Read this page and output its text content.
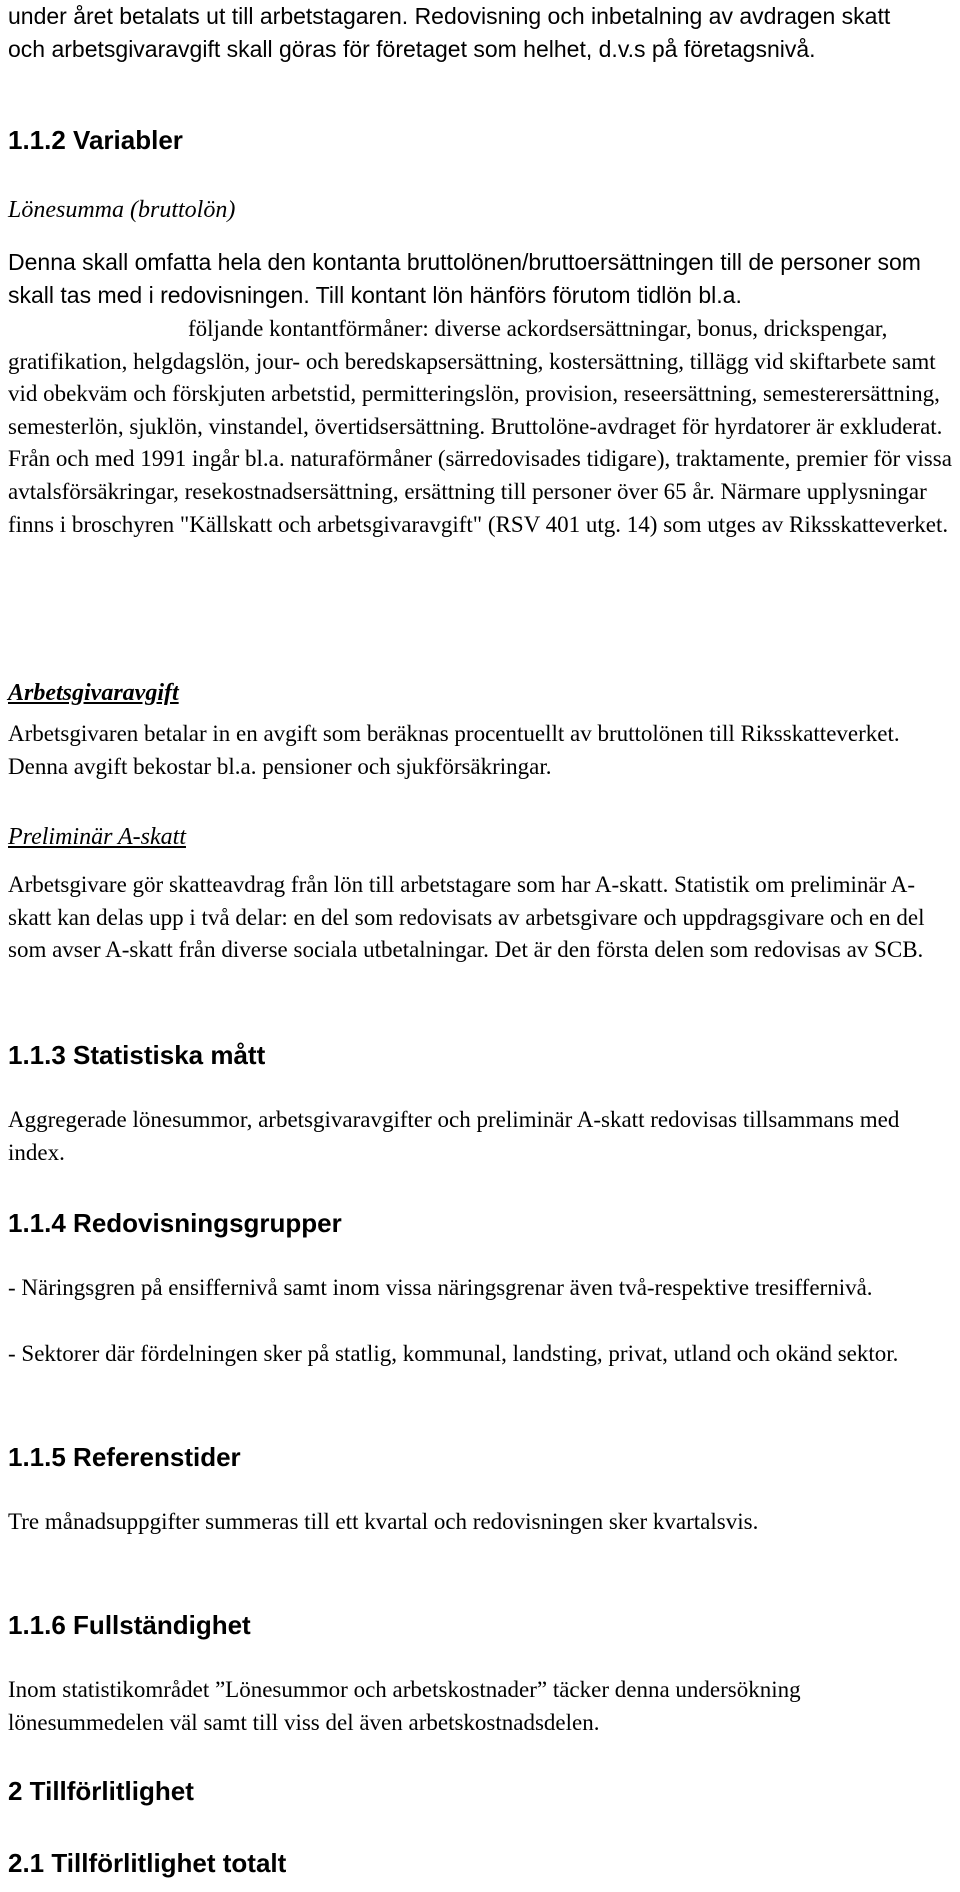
under året betalats ut till arbetstagaren. Redovisning och inbetalning av avdragen skatt och arbetsgivaravgift skall göras för företaget som helhet, d.v.s på företagsnivå.

1.1.2 Variabler
Lönesumma (bruttolön)

Denna skall omfatta hela den kontanta bruttolönen/bruttoersättningen till de personer som skall tas med i redovisningen. Till kontant lön hänförs förutom tidlön bl.a.

följande kontantförmåner: diverse ackordsersättningar, bonus, drickspengar, gratifikation, helgdagslön, jour- och beredskapsersättning, kostersättning, tillägg vid skiftarbete samt vid obekväm och förskjuten arbetstid, permitteringslön, provision, reseersättning, semesterersättning, semesterlön, sjuklön, vinstandel, övertidsersättning. Bruttolöne-avdraget för hyrdatorer är exkluderat. Från och med 1991 ingår bl.a. naturaförmåner (särredovisades tidigare), traktamente, premier för vissa avtalsförsäkringar, resekostnadsersättning, ersättning till personer över 65 år. Närmare upplysningar finns i broschyren "Källskatt och arbetsgivaravgift" (RSV 401 utg. 14) som utges av Riksskatteverket.

Arbetsgivaravgift

Arbetsgivaren betalar in en avgift som beräknas procentuellt av bruttolönen till Riksskatteverket. Denna avgift bekostar bl.a. pensioner och sjukförsäkringar.

Preliminär A-skatt

Arbetsgivare gör skatteavdrag från lön till arbetstagare som har A-skatt. Statistik om preliminär A-skatt kan delas upp i två delar: en del som redovisats av arbetsgivare och uppdragsgivare och en del som avser A-skatt från diverse sociala utbetalningar. Det är den första delen som redovisas av SCB.

1.1.3 Statistiska mått

Aggregerade lönesummor, arbetsgivaravgifter och preliminär A-skatt redovisas tillsammans med index.

1.1.4 Redovisningsgrupper

- Näringsgren på ensiffernivå samt inom vissa näringsgrenar även två-respektive tresiffernivå.

- Sektorer där fördelningen sker på statlig, kommunal, landsting, privat, utland och okänd sektor.

1.1.5 Referenstider

Tre månadsuppgifter summeras till ett kvartal och redovisningen sker kvartalsvis.

1.1.6 Fullständighet

Inom statistikområdet ”Lönesummor och arbetskostnader” täcker denna undersökning lönesummedelen väl samt till viss del även arbetskostnadsdelen.

2 Tillförlitlighet
2.1 Tillförlitlighet totalt
